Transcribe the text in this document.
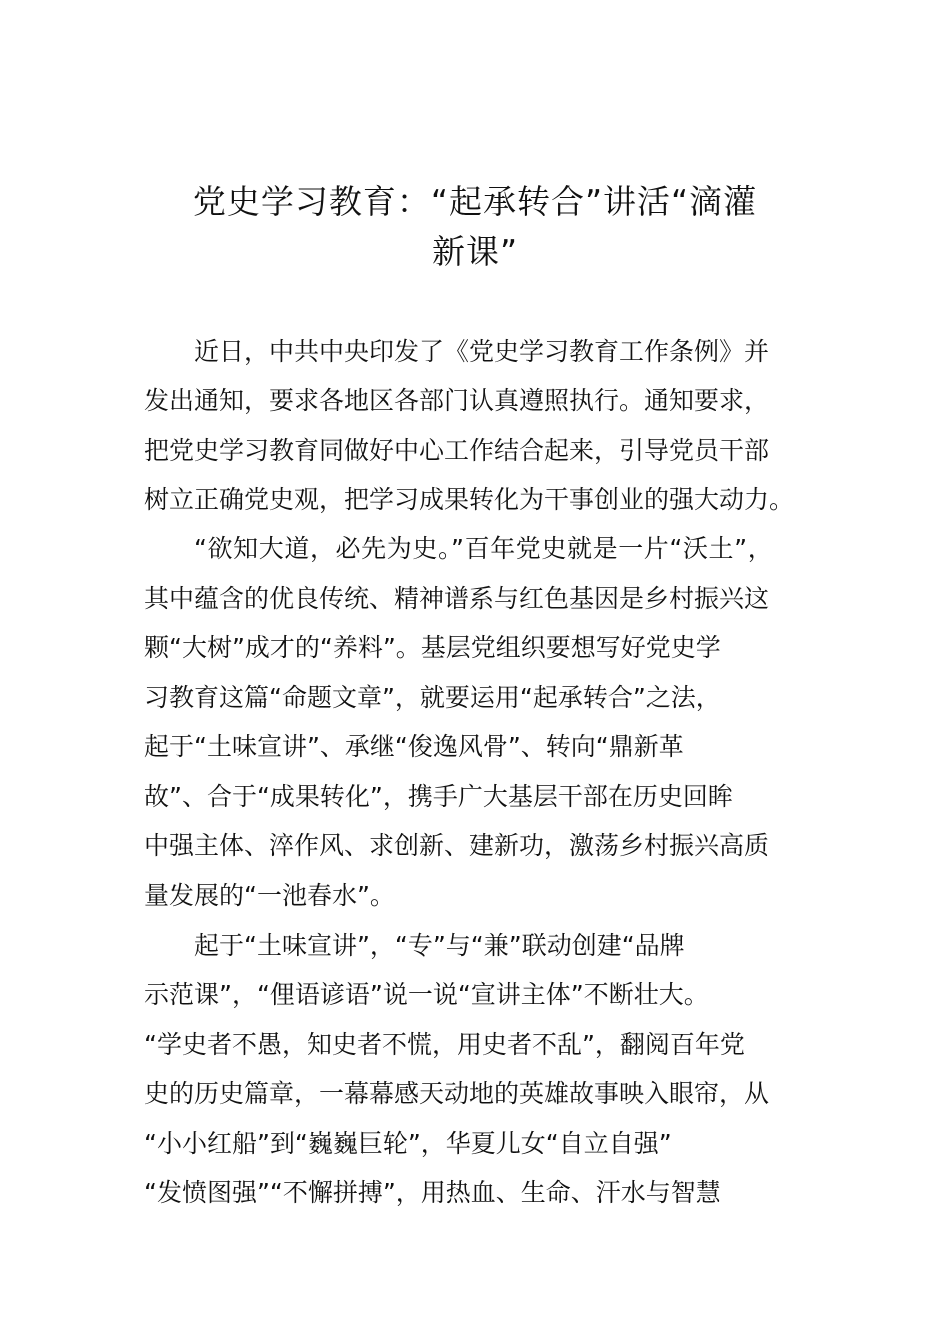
党史学习教育：“起承转合”讲活“滴灌
新课”
近日，中共中央印发了《党史学习教育工作条例》并
发出通知，要求各地区各部门认真遵照执行。通知要求，
把党史学习教育同做好中心工作结合起来，引导党员干部
树立正确党史观，把学习成果转化为干事创业的强大动力。
“欲知大道，必先为史。”百年党史就是一片“沃土”，
其中蕴含的优良传统、精神谱系与红色基因是乡村振兴这
颗“大树”成才的“养料”。基层党组织要想写好党史学
习教育这篇“命题文章”，就要运用“起承转合”之法，
起于“土味宣讲”、承继“俊逸风骨”、转向“鼎新革
故”、合于“成果转化”，携手广大基层干部在历史回眸
中强主体、淬作风、求创新、建新功，激荡乡村振兴高质
量发展的“一池春水”。
起于“土味宣讲”，“专”与“兼”联动创建“品牌
示范课”，“俚语谚语”说一说“宣讲主体”不断壮大。
“学史者不愚，知史者不慌，用史者不乱”，翻阅百年党
史的历史篇章，一幕幕感天动地的英雄故事映入眼帘，从
“小小红船”到“巍巍巨轮”，华夏儿女“自立自强”
“发愤图强”“不懈拼搏”，用热血、生命、汗水与智慧
